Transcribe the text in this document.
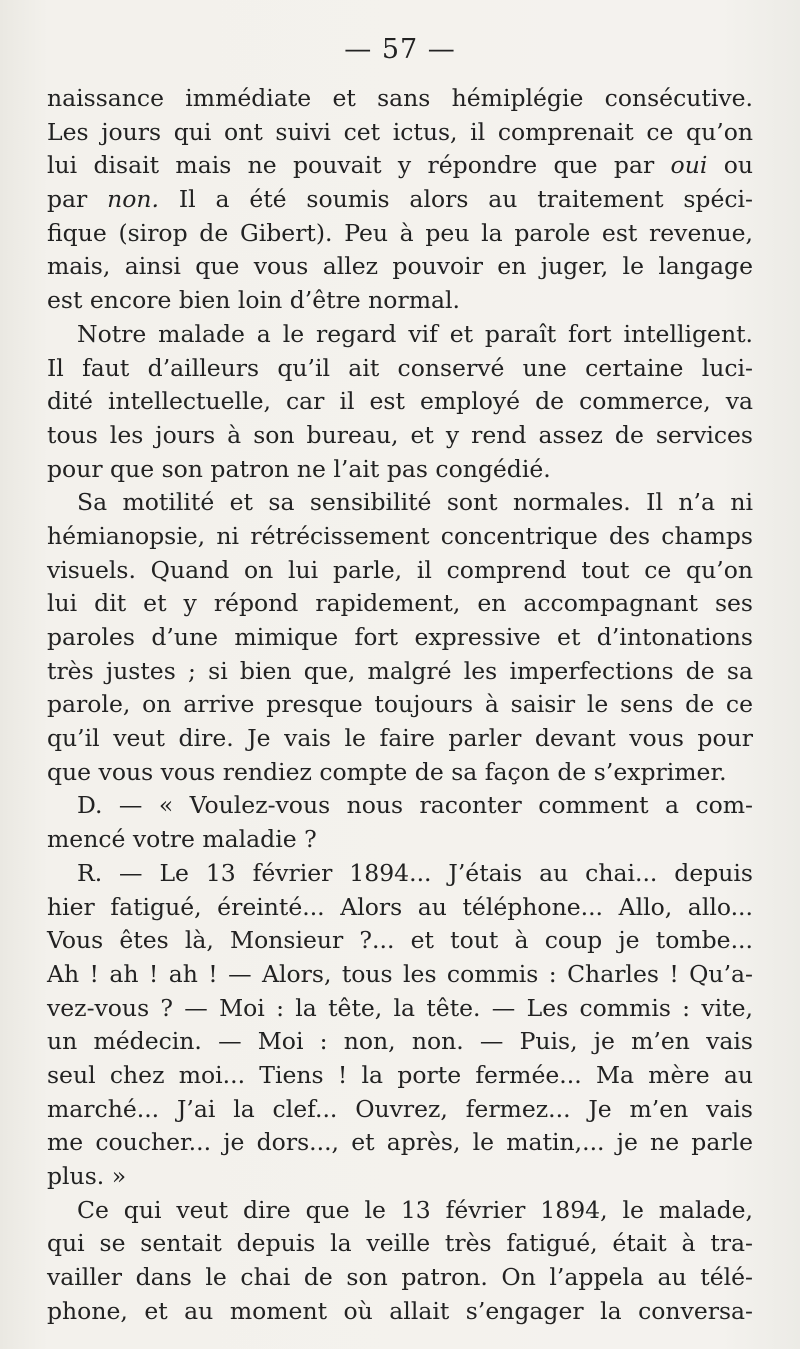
— 57 —
naissance immédiate et sans hémiplégie consécutive.
Les jours qui ont suivi cet ictus, il comprenait ce qu’on
lui disait mais ne pouvait y répondre que par oui ou
par non. Il a été soumis alors au traitement spéci-
fique (sirop de Gibert). Peu à peu la parole est revenue,
mais, ainsi que vous allez pouvoir en juger, le langage
est encore bien loin d’être normal.
Notre malade a le regard vif et paraît fort intelligent.
Il faut d’ailleurs qu’il ait conservé une certaine luci-
dité intellectuelle, car il est employé de commerce, va
tous les jours à son bureau, et y rend assez de services
pour que son patron ne l’ait pas congédié.
Sa motilité et sa sensibilité sont normales. Il n’a ni
hémianopsie, ni rétrécissement concentrique des champs
visuels. Quand on lui parle, il comprend tout ce qu’on
lui dit et y répond rapidement, en accompagnant ses
paroles d’une mimique fort expressive et d’intonations
très justes ; si bien que, malgré les imperfections de sa
parole, on arrive presque toujours à saisir le sens de ce
qu’il veut dire. Je vais le faire parler devant vous pour
que vous vous rendiez compte de sa façon de s’exprimer.
D. — « Voulez-vous nous raconter comment a com-
mencé votre maladie ?
R. — Le 13 février 1894... J’étais au chai... depuis
hier fatigué, éreinté... Alors au téléphone... Allo, allo...
Vous êtes là, Monsieur ?... et tout à coup je tombe...
Ah ! ah ! ah ! — Alors, tous les commis : Charles ! Qu’a-
vez-vous ? — Moi : la tête, la tête. — Les commis : vite,
un médecin. — Moi : non, non. — Puis, je m’en vais
seul chez moi... Tiens ! la porte fermée... Ma mère au
marché... J’ai la clef... Ouvrez, fermez... Je m’en vais
me coucher... je dors..., et après, le matin,... je ne parle
plus. »
Ce qui veut dire que le 13 février 1894, le malade,
qui se sentait depuis la veille très fatigué, était à tra-
vailler dans le chai de son patron. On l’appela au télé-
phone, et au moment où allait s’engager la conversa-
